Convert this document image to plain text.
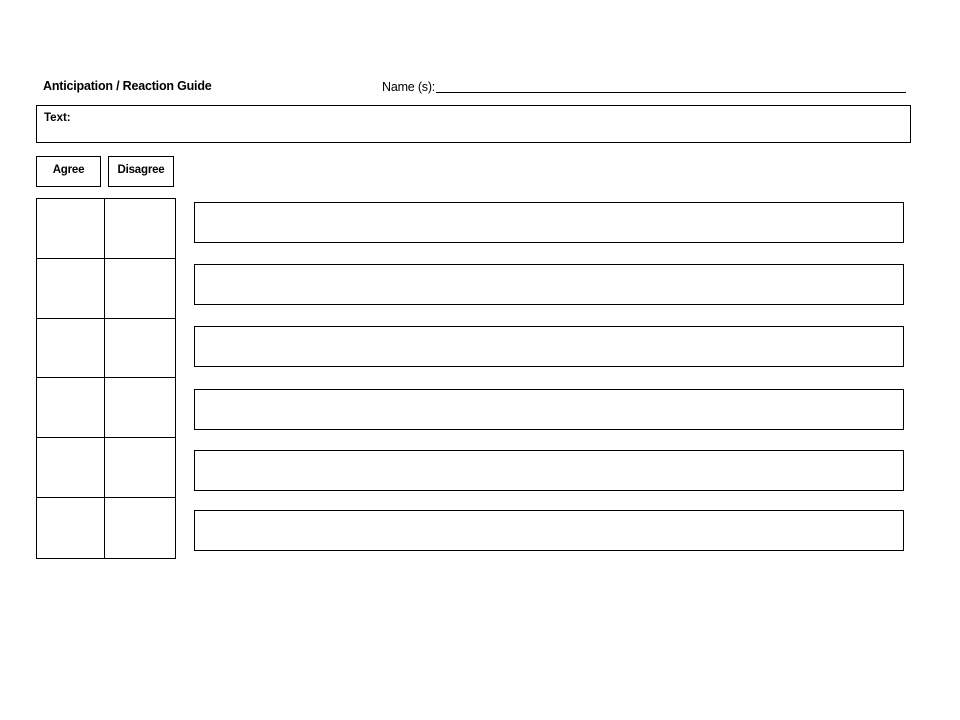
Anticipation / Reaction Guide	Name (s):
Text:
Agree	Disagree
